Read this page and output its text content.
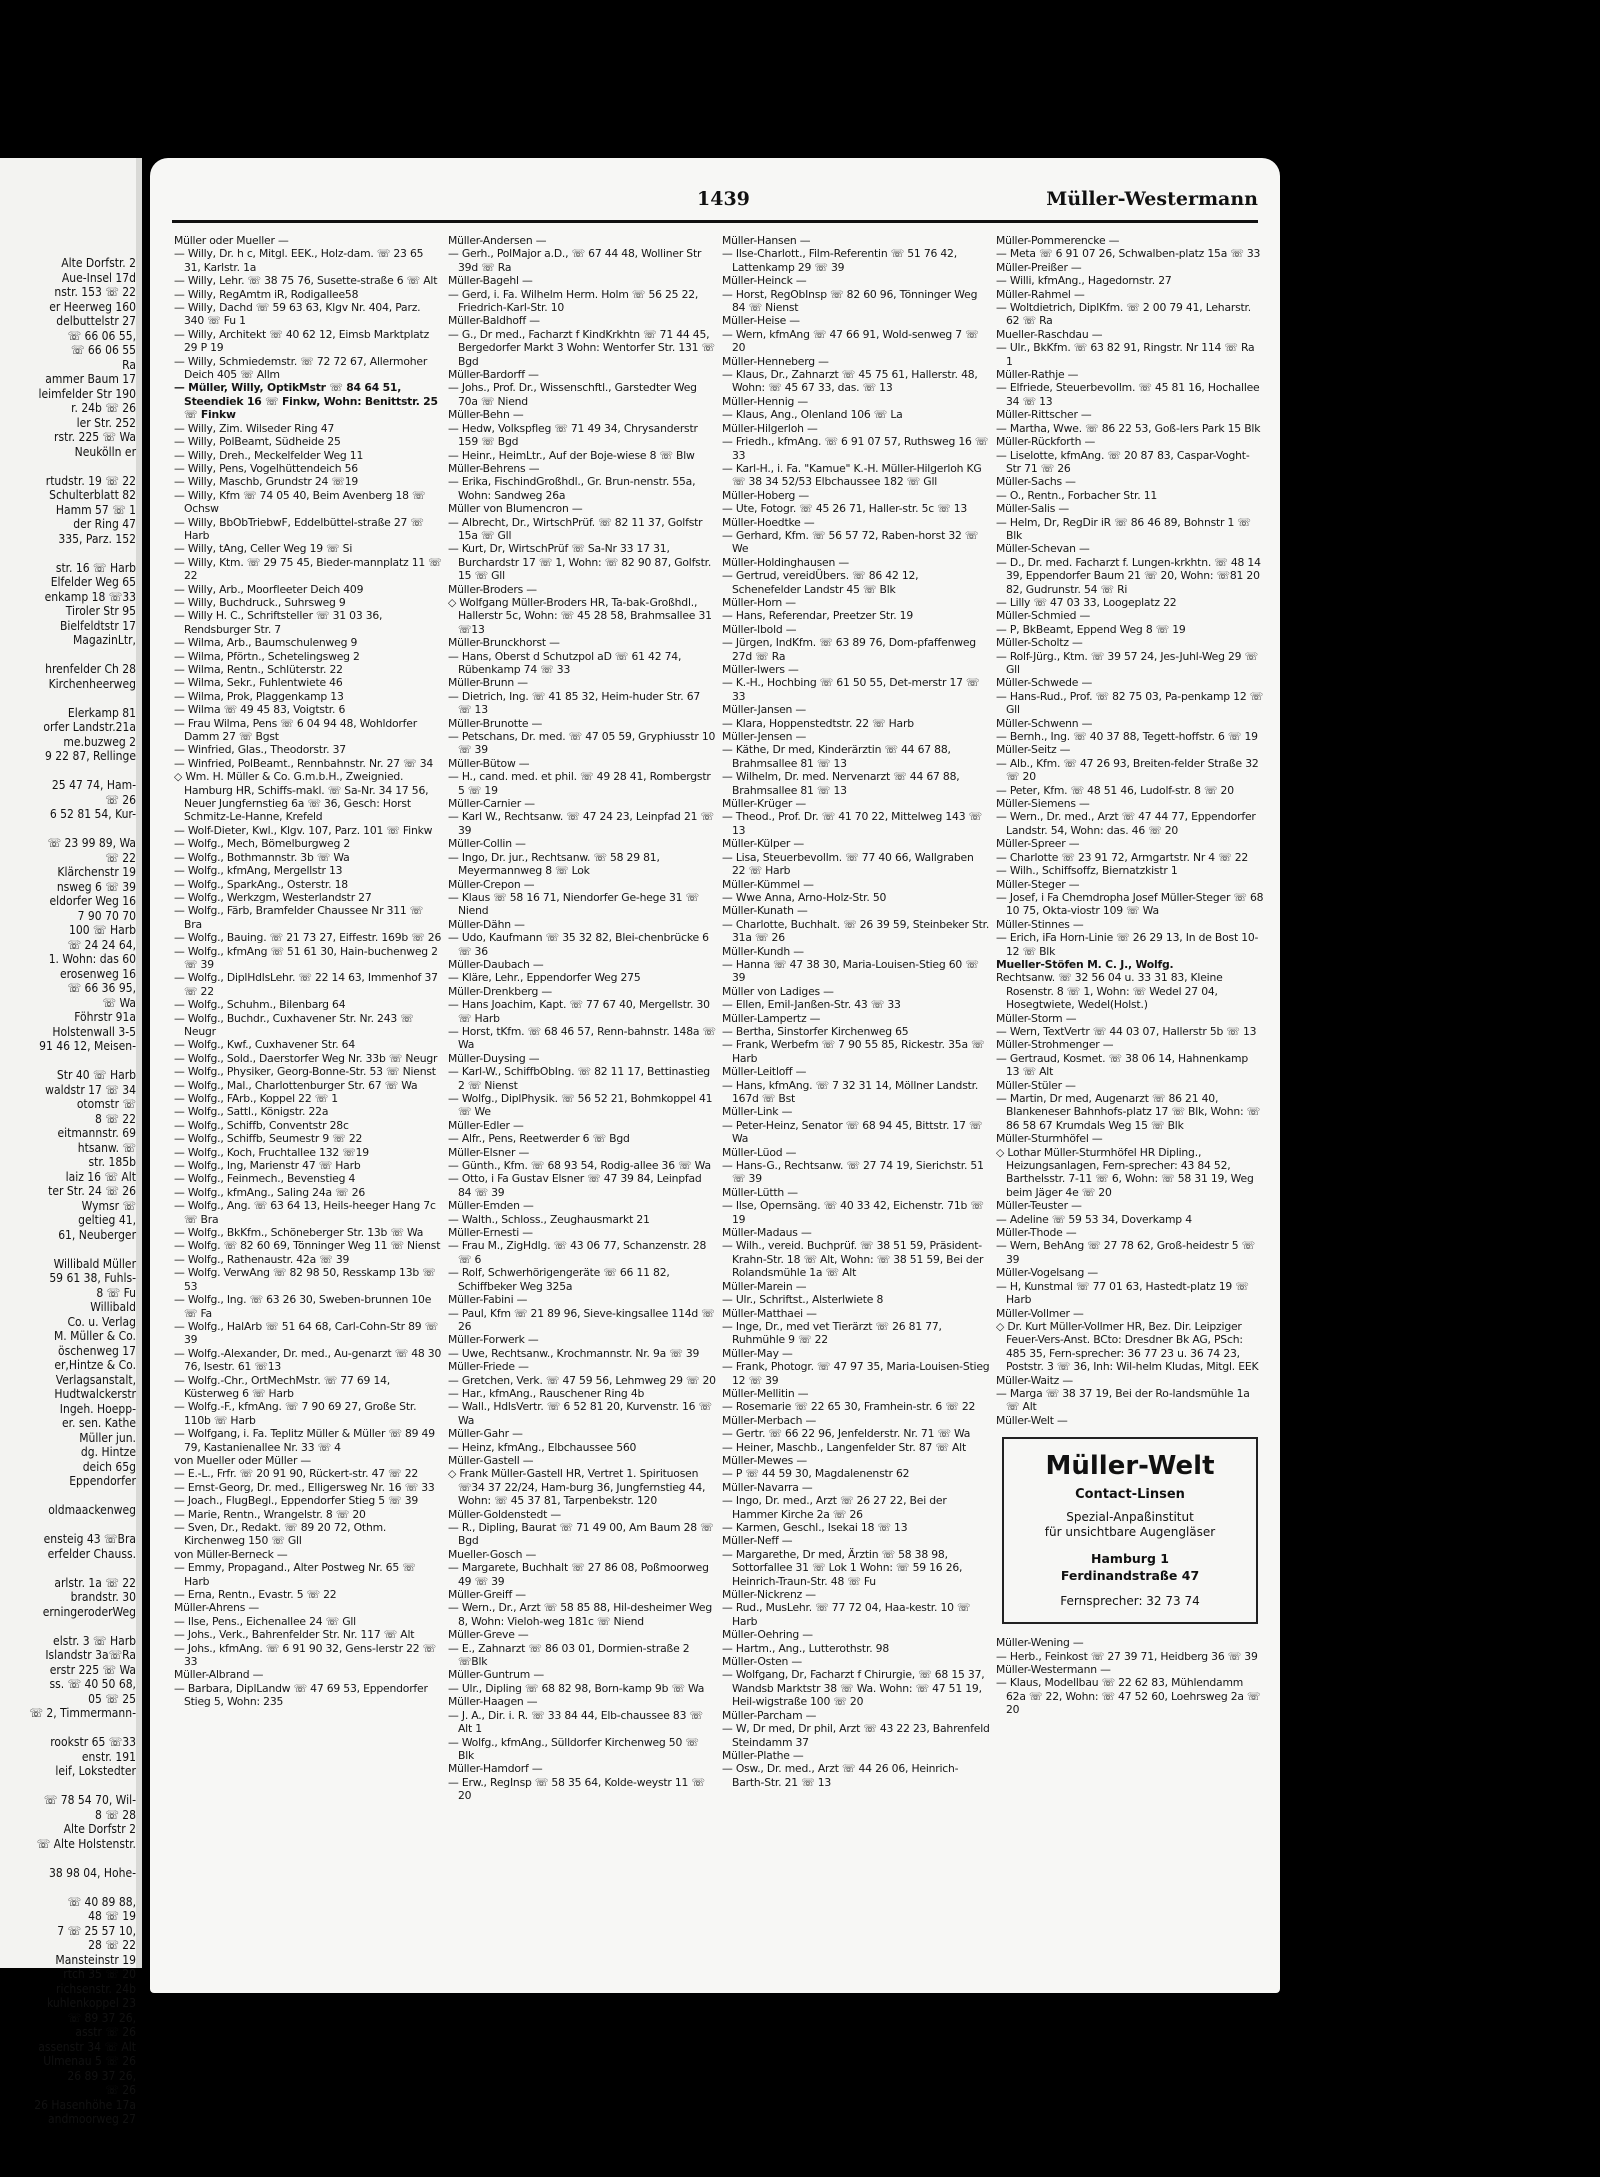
Alte Dorfstr. 2
Aue-Insel 17d
nstr. 153 ☏ 22
er Heerweg 160
delbuttelstr 27
☏ 66 06 55,
☏ 66 06 55
Ra
ammer Baum 17
leimfelder Str 190
r. 24b ☏ 26
ler Str. 252
rstr. 225 ☏ Wa
Neukölln er

rtudstr. 19 ☏ 22
Schulterblatt 82
Hamm 57 ☏ 1
der Ring 47
335, Parz. 152

str. 16 ☏ Harb
Elfelder Weg 65
enkamp 18 ☏33
Tiroler Str 95
Bielfeldtstr 17
MagazinLtr,

hrenfelder Ch 28
Kirchenheerweg

Elerkamp 81
orfer Landstr.21a
me.buzweg 2
9 22 87, Rellinge

25 47 74, Ham-
☏ 26
6 52 81 54, Kur-

☏ 23 99 89, Wa
☏ 22
Klärchenstr 19
nsweg 6 ☏ 39
eldorfer Weg 16
7 90 70 70
100 ☏ Harb
☏ 24 24 64,
1. Wohn: das 60
erosenweg 16
☏ 66 36 95,
☏ Wa
Föhrstr 91a
Holstenwall 3-5
91 46 12, Meisen-

Str 40 ☏ Harb
waldstr 17 ☏ 34
otomstr ☏
8 ☏ 22
eitmannstr. 69
htsanw. ☏
str. 185b
laiz 16 ☏ Alt
ter Str. 24 ☏ 26
Wymsr ☏
geltieg 41,
61, Neuberger

Willibald Müller
59 61 38, Fuhls-
8 ☏ Fu
Willibald
Co. u. Verlag
M. Müller & Co.
öschenweg 17
er,Hintze & Co.
Verlagsanstalt,
Hudtwalckerstr
Ingeh. Hoepp-
er. sen. Kathe
Müller jun.
dg. Hintze
deich 65g
Eppendorfer

oldmaackenweg

ensteig 43 ☏Bra
erfelder Chauss.

arlstr. 1a ☏ 22
brandstr. 30
erningeroderWeg

elstr. 3 ☏ Harb
Islandstr 3a☏Ra
erstr 225 ☏ Wa
ss. ☏ 40 50 68,
05 ☏ 25
☏ 2, Timmermann-

rookstr 65 ☏33
enstr. 191
leif, Lokstedter

☏ 78 54 70, Wil-
8 ☏ 28
Alte Dorfstr 2
☏ Alte Holstenstr.

38 98 04, Hohe-

☏ 40 89 88,
48 ☏ 19
7 ☏ 25 57 10,
28 ☏ 22
Mansteinstr 19
rtch 35 ☏ 20
richsenstr. 24b
kuhlenkoppel 23
☏ 89 37 26,
asstr ☏ 26
assenstr 34 ☏ Alt
Ulmenau 5 ☏ 26
26 89 37 26,
☏ 26
26 Hasenhöhe 17a
andmoorweg 27
1439	Müller-Westermann
Müller oder Mueller —
— Willy, Dr. h c, Mitgl. EEK., Holz-dam. ☏ 23 65 31, Karlstr. 1a
— Willy, Lehr. ☏ 38 75 76, Susette-straße 6 ☏ Alt
— Willy, RegAmtm iR, Rodigallee58
— Willy, Dachd ☏ 59 63 63, Klgv Nr. 404, Parz. 340 ☏ Fu 1
— Willy, Architekt ☏ 40 62 12, Eimsb Marktplatz 29 P 19
— Willy, Schmiedemstr. ☏ 72 72 67, Allermoher Deich 405 ☏ Allm
— Müller, Willy, OptikMstr ☏ 84 64 51, Steendiek 16 ☏ Finkw, Wohn: Benittstr. 25 ☏ Finkw
— Willy, Zim. Wilseder Ring 47
— Willy, PolBeamt, Südheide 25
— Willy, Dreh., Meckelfelder Weg 11
— Willy, Pens, Vogelhüttendeich 56
— Willy, Maschb, Grundstr 24 ☏19
— Willy, Kfm ☏ 74 05 40, Beim Avenberg 18 ☏ Ochsw
— Willy, BbObTriebwF, Eddelbüttel-straße 27 ☏ Harb
— Willy, tAng, Celler Weg 19 ☏ Si
— Willy, Ktm. ☏ 29 75 45, Bieder-mannplatz 11 ☏ 22
— Willy, Arb., Moorfleeter Deich 409
— Willy, Buchdruck., Suhrsweg 9
— Willy H. C., Schriftsteller ☏ 31 03 36, Rendsburger Str. 7
— Wilma, Arb., Baumschulenweg 9
— Wilma, Pförtn., Schetelingsweg 2
— Wilma, Rentn., Schlüterstr. 22
— Wilma, Sekr., Fuhlentwiete 46
— Wilma, Prok, Plaggenkamp 13
— Wilma ☏ 49 45 83, Voigtstr. 6
— Frau Wilma, Pens ☏ 6 04 94 48, Wohldorfer Damm 27 ☏ Bgst
— Winfried, Glas., Theodorstr. 37
— Winfried, PolBeamt., Rennbahnstr. Nr. 27 ☏ 34
◇ Wm. H. Müller & Co. G.m.b.H., Zweignied. Hamburg HR, Schiffs-makl. ☏ Sa-Nr. 34 17 56, Neuer Jungfernstieg 6a ☏ 36, Gesch: Horst Schmitz-Le-Hanne, Krefeld
— Wolf-Dieter, Kwl., Klgv. 107, Parz. 101 ☏ Finkw
— Wolfg., Mech, Bömelburgweg 2
— Wolfg., Bothmannstr. 3b ☏ Wa
— Wolfg., kfmAng, Mergellstr 13
— Wolfg., SparkAng., Osterstr. 18
— Wolfg., Werkzgm, Westerlandstr 27
— Wolfg., Färb, Bramfelder Chaussee Nr 311 ☏ Bra
— Wolfg., Bauing. ☏ 21 73 27, Eiffestr. 169b ☏ 26
— Wolfg., kfmAng ☏ 51 61 30, Hain-buchenweg 2 ☏ 39
— Wolfg., DiplHdlsLehr. ☏ 22 14 63, Immenhof 37 ☏ 22
— Wolfg., Schuhm., Bilenbarg 64
— Wolfg., Buchdr., Cuxhavener Str. Nr. 243 ☏ Neugr
— Wolfg., Kwf., Cuxhavener Str. 64
— Wolfg., Sold., Daerstorfer Weg Nr. 33b ☏ Neugr
— Wolfg., Physiker, Georg-Bonne-Str. 53 ☏ Nienst
— Wolfg., Mal., Charlottenburger Str. 67 ☏ Wa
— Wolfg., FArb., Koppel 22 ☏ 1
— Wolfg., Sattl., Königstr. 22a
— Wolfg., Schiffb, Conventstr 28c
— Wolfg., Schiffb, Seumestr 9 ☏ 22
— Wolfg., Koch, Fruchtallee 132 ☏19
— Wolfg., Ing, Marienstr 47 ☏ Harb
— Wolfg., Feinmech., Bevenstieg 4
— Wolfg., kfmAng., Saling 24a ☏ 26
— Wolfg., Ang. ☏ 63 64 13, Heils-heeger Hang 7c ☏ Bra
— Wolfg., BkKfm., Schöneberger Str. 13b ☏ Wa
— Wolfg. ☏ 82 60 69, Tönninger Weg 11 ☏ Nienst
— Wolfg., Rathenaustr. 42a ☏ 39
— Wolfg. VerwAng ☏ 82 98 50, Resskamp 13b ☏ 53
— Wolfg., Ing. ☏ 63 26 30, Sweben-brunnen 10e ☏ Fa
— Wolfg., HalArb ☏ 51 64 68, Carl-Cohn-Str 89 ☏ 39
— Wolfg.-Alexander, Dr. med., Au-genarzt ☏ 48 30 76, Isestr. 61 ☏13
— Wolfg.-Chr., OrtMechMstr. ☏ 77 69 14, Küsterweg 6 ☏ Harb
— Wolfg.-F., kfmAng. ☏ 7 90 69 27, Große Str. 110b ☏ Harb
— Wolfgang, i. Fa. Teplitz Müller & Müller ☏ 89 49 79, Kastanienallee Nr. 33 ☏ 4
von Mueller oder Müller —
— E.-L., Frfr. ☏ 20 91 90, Rückert-str. 47 ☏ 22
— Ernst-Georg, Dr. med., Elligersweg Nr. 16 ☏ 33
— Joach., FlugBegl., Eppendorfer Stieg 5 ☏ 39
— Marie, Rentn., Wrangelstr. 8 ☏ 20
— Sven, Dr., Redakt. ☏ 89 20 72, Othm. Kirchenweg 150 ☏ Gll
von Müller-Berneck —
— Emmy, Propagand., Alter Postweg Nr. 65 ☏ Harb
— Erna, Rentn., Evastr. 5 ☏ 22
Müller-Ahrens —
— Ilse, Pens., Eichenallee 24 ☏ Gll
— Johs., Verk., Bahrenfelder Str. Nr. 117 ☏ Alt
— Johs., kfmAng. ☏ 6 91 90 32, Gens-lerstr 22 ☏ 33
Müller-Albrand —
— Barbara, DiplLandw ☏ 47 69 53, Eppendorfer Stieg 5, Wohn: 235
Müller-Andersen —
— Gerh., PolMajor a.D., ☏ 67 44 48, Wolliner Str 39d ☏ Ra
Müller-Bagehl —
— Gerd, i. Fa. Wilhelm Herm. Holm ☏ 56 25 22, Friedrich-Karl-Str. 10
Müller-Baldhoff —
— G., Dr med., Facharzt f KindKrkhtn ☏ 71 44 45, Bergedorfer Markt 3 Wohn: Wentorfer Str. 131 ☏ Bgd
Müller-Bardorff —
— Johs., Prof. Dr., Wissenschftl., Garstedter Weg 70a ☏ Niend
Müller-Behn —
— Hedw, Volkspfleg ☏ 71 49 34, Chrysanderstr 159 ☏ Bgd
— Heinr., HeimLtr., Auf der Boje-wiese 8 ☏ Blw
Müller-Behrens —
— Erika, FischindGroßhdl., Gr. Brun-nenstr. 55a, Wohn: Sandweg 26a
Müller von Blumencron —
— Albrecht, Dr., WirtschPrüf. ☏ 82 11 37, Golfstr 15a ☏ Gll
— Kurt, Dr, WirtschPrüf ☏ Sa-Nr 33 17 31, Burchardstr 17 ☏ 1, Wohn: ☏ 82 90 87, Golfstr. 15 ☏ Gll
Müller-Broders —
◇ Wolfgang Müller-Broders HR, Ta-bak-Großhdl., Hallerstr 5c, Wohn: ☏ 45 28 58, Brahmsallee 31 ☏13
Müller-Brunckhorst —
— Hans, Oberst d Schutzpol aD ☏ 61 42 74, Rübenkamp 74 ☏ 33
Müller-Brunn —
— Dietrich, Ing. ☏ 41 85 32, Heim-huder Str. 67 ☏ 13
Müller-Brunotte —
— Petschans, Dr. med. ☏ 47 05 59, Gryphiusstr 10 ☏ 39
Müller-Bütow —
— H., cand. med. et phil. ☏ 49 28 41, Rombergstr 5 ☏ 19
Müller-Carnier —
— Karl W., Rechtsanw. ☏ 47 24 23, Leinpfad 21 ☏ 39
Müller-Collin —
— Ingo, Dr. jur., Rechtsanw. ☏ 58 29 81, Meyermannweg 8 ☏ Lok
Müller-Crepon —
— Klaus ☏ 58 16 71, Niendorfer Ge-hege 31 ☏ Niend
Müller-Dähn —
— Udo, Kaufmann ☏ 35 32 82, Blei-chenbrücke 6 ☏ 36
Müller-Daubach —
— Kläre, Lehr., Eppendorfer Weg 275
Müller-Drenkberg —
— Hans Joachim, Kapt. ☏ 77 67 40, Mergellstr. 30 ☏ Harb
— Horst, tKfm. ☏ 68 46 57, Renn-bahnstr. 148a ☏ Wa
Müller-Duysing —
— Karl-W., SchiffbObIng. ☏ 82 11 17, Bettinastieg 2 ☏ Nienst
— Wolfg., DiplPhysik. ☏ 56 52 21, Bohmkoppel 41 ☏ We
Müller-Edler —
— Alfr., Pens, Reetwerder 6 ☏ Bgd
Müller-Elsner —
— Günth., Kfm. ☏ 68 93 54, Rodig-allee 36 ☏ Wa
— Otto, i Fa Gustav Elsner ☏ 47 39 84, Leinpfad 84 ☏ 39
Müller-Emden —
— Walth., Schloss., Zeughausmarkt 21
Müller-Ernesti —
— Frau M., ZigHdlg. ☏ 43 06 77, Schanzenstr. 28 ☏ 6
— Rolf, Schwerhörigengeräte ☏ 66 11 82, Schiffbeker Weg 325a
Müller-Fabini —
— Paul, Kfm ☏ 21 89 96, Sieve-kingsallee 114d ☏ 26
Müller-Forwerk —
— Uwe, Rechtsanw., Krochmannstr. Nr. 9a ☏ 39
Müller-Friede —
— Gretchen, Verk. ☏ 47 59 56, Lehmweg 29 ☏ 20
— Har., kfmAng., Rauschener Ring 4b
— Wall., HdlsVertr. ☏ 6 52 81 20, Kurvenstr. 16 ☏ Wa
Müller-Gahr —
— Heinz, kfmAng., Elbchaussee 560
Müller-Gastell —
◇ Frank Müller-Gastell HR, Vertret 1. Spirituosen ☏34 37 22/24, Ham-burg 36, Jungfernstieg 44, Wohn: ☏ 45 37 81, Tarpenbekstr. 120
Müller-Goldenstedt —
— R., Dipling, Baurat ☏ 71 49 00, Am Baum 28 ☏ Bgd
Mueller-Gosch —
— Margarete, Buchhalt ☏ 27 86 08, Poßmoorweg 49 ☏ 39
Müller-Greiff —
— Wern., Dr., Arzt ☏ 58 85 88, Hil-desheimer Weg 8, Wohn: Vieloh-weg 181c ☏ Niend
Müller-Greve —
— E., Zahnarzt ☏ 86 03 01, Dormien-straße 2 ☏Blk
Müller-Guntrum —
— Ulr., Dipling ☏ 68 82 98, Born-kamp 9b ☏ Wa
Müller-Haagen —
— J. A., Dir. i. R. ☏ 33 84 44, Elb-chaussee 83 ☏ Alt 1
— Wolfg., kfmAng., Sülldorfer Kirchenweg 50 ☏ Blk
Müller-Hamdorf —
— Erw., RegInsp ☏ 58 35 64, Kolde-weystr 11 ☏ 20
Müller-Hansen —
— Ilse-Charlott., Film-Referentin ☏ 51 76 42, Lattenkamp 29 ☏ 39
Müller-Heinck —
— Horst, RegObInsp ☏ 82 60 96, Tönninger Weg 84 ☏ Nienst
Müller-Heise —
— Wern, kfmAng ☏ 47 66 91, Wold-senweg 7 ☏ 20
Müller-Henneberg —
— Klaus, Dr., Zahnarzt ☏ 45 75 61, Hallerstr. 48, Wohn: ☏ 45 67 33, das. ☏ 13
Müller-Hennig —
— Klaus, Ang., Olenland 106 ☏ La
Müller-Hilgerloh —
— Friedh., kfmAng. ☏ 6 91 07 57, Ruthsweg 16 ☏ 33
— Karl-H., i. Fa. "Kamue" K.-H. Müller-Hilgerloh KG ☏ 38 34 52/53 Elbchaussee 182 ☏ Gll
Müller-Hoberg —
— Ute, Fotogr. ☏ 45 26 71, Haller-str. 5c ☏ 13
Müller-Hoedtke —
— Gerhard, Kfm. ☏ 56 57 72, Raben-horst 32 ☏ We
Müller-Holdinghausen —
— Gertrud, vereidÜbers. ☏ 86 42 12, Schenefelder Landstr 45 ☏ Blk
Müller-Horn —
— Hans, Referendar, Preetzer Str. 19
Müller-Ibold —
— Jürgen, IndKfm. ☏ 63 89 76, Dom-pfaffenweg 27d ☏ Ra
Müller-Iwers —
— K.-H., Hochbing ☏ 61 50 55, Det-merstr 17 ☏ 33
Müller-Jansen —
— Klara, Hoppenstedtstr. 22 ☏ Harb
Müller-Jensen —
— Käthe, Dr med, Kinderärztin ☏ 44 67 88, Brahmsallee 81 ☏ 13
— Wilhelm, Dr. med. Nervenarzt ☏ 44 67 88, Brahmsallee 81 ☏ 13
Müller-Krüger —
— Theod., Prof. Dr. ☏ 41 70 22, Mittelweg 143 ☏ 13
Müller-Külper —
— Lisa, Steuerbevollm. ☏ 77 40 66, Wallgraben 22 ☏ Harb
Müller-Kümmel —
— Wwe Anna, Arno-Holz-Str. 50
Müller-Kunath —
— Charlotte, Buchhalt. ☏ 26 39 59, Steinbeker Str. 31a ☏ 26
Müller-Kundh —
— Hanna ☏ 47 38 30, Maria-Louisen-Stieg 60 ☏ 39
Müller von Ladiges —
— Ellen, Emil-Janßen-Str. 43 ☏ 33
Müller-Lampertz —
— Bertha, Sinstorfer Kirchenweg 65
— Frank, Werbefm ☏ 7 90 55 85, Rickestr. 35a ☏ Harb
Müller-Leitloff —
— Hans, kfmAng. ☏ 7 32 31 14, Möllner Landstr. 167d ☏ Bst
Müller-Link —
— Peter-Heinz, Senator ☏ 68 94 45, Bittstr. 17 ☏ Wa
Müller-Lüod —
— Hans-G., Rechtsanw. ☏ 27 74 19, Sierichstr. 51 ☏ 39
Müller-Lütth —
— Ilse, Opernsäng. ☏ 40 33 42, Eichenstr. 71b ☏ 19
Müller-Madaus —
— Wilh., vereid. Buchprüf. ☏ 38 51 59, Präsident-Krahn-Str. 18 ☏ Alt, Wohn: ☏ 38 51 59, Bei der Rolandsmühle 1a ☏ Alt
Müller-Marein —
— Ulr., Schriftst., Alsterlwiete 8
Müller-Matthaei —
— Inge, Dr., med vet Tierärzt ☏ 26 81 77, Ruhmühle 9 ☏ 22
Müller-May —
— Frank, Photogr. ☏ 47 97 35, Maria-Louisen-Stieg 12 ☏ 39
Müller-Mellitin —
— Rosemarie ☏ 22 65 30, Framhein-str. 6 ☏ 22
Müller-Merbach —
— Gertr. ☏ 66 22 96, Jenfelderstr. Nr. 71 ☏ Wa
— Heiner, Maschb., Langenfelder Str. 87 ☏ Alt
Müller-Mewes —
— P ☏ 44 59 30, Magdalenenstr 62
Müller-Navarra —
— Ingo, Dr. med., Arzt ☏ 26 27 22, Bei der Hammer Kirche 2a ☏ 26
— Karmen, Geschl., Isekai 18 ☏ 13
Müller-Neff —
— Margarethe, Dr med, Ärztin ☏ 58 38 98, Sottorfallee 31 ☏ Lok 1 Wohn: ☏ 59 16 26, Heinrich-Traun-Str. 48 ☏ Fu
Müller-Nickrenz —
— Rud., MusLehr. ☏ 77 72 04, Haa-kestr. 10 ☏ Harb
Müller-Oehring —
— Hartm., Ang., Lutterothstr. 98
Müller-Osten —
— Wolfgang, Dr, Facharzt f Chirurgie, ☏ 68 15 37, Wandsb Marktstr 38 ☏ Wa. Wohn: ☏ 47 51 19, Heil-wigstraße 100 ☏ 20
Müller-Parcham —
— W, Dr med, Dr phil, Arzt ☏ 43 22 23, Bahrenfeld Steindamm 37
Müller-Plathe —
— Osw., Dr. med., Arzt ☏ 44 26 06, Heinrich-Barth-Str. 21 ☏ 13
Müller-Pommerencke —
— Meta ☏ 6 91 07 26, Schwalben-platz 15a ☏ 33
Müller-Preißer —
— Willi, kfmAng., Hagedornstr. 27
Müller-Rahmel —
— Woltdietrich, DiplKfm. ☏ 2 00 79 41, Leharstr. 62 ☏ Ra
Mueller-Raschdau —
— Ulr., BkKfm. ☏ 63 82 91, Ringstr. Nr 114 ☏ Ra 1
Müller-Rathje —
— Elfriede, Steuerbevollm. ☏ 45 81 16, Hochallee 34 ☏ 13
Müller-Rittscher —
— Martha, Wwe. ☏ 86 22 53, Goß-lers Park 15 Blk
Müller-Rückforth —
— Liselotte, kfmAng. ☏ 20 87 83, Caspar-Voght-Str 71 ☏ 26
Müller-Sachs —
— O., Rentn., Forbacher Str. 11
Müller-Salis —
— Helm, Dr, RegDir iR ☏ 86 46 89, Bohnstr 1 ☏ Blk
Müller-Schevan —
— D., Dr. med. Facharzt f. Lungen-krkhtn. ☏ 48 14 39, Eppendorfer Baum 21 ☏ 20, Wohn: ☏81 20 82, Gudrunstr. 54 ☏ Ri
— Lilly ☏ 47 03 33, Loogeplatz 22
Müller-Schmied —
— P, BkBeamt, Eppend Weg 8 ☏ 19
Müller-Scholtz —
— Rolf-Jürg., Ktm. ☏ 39 57 24, Jes-Juhl-Weg 29 ☏ Gll
Müller-Schwede —
— Hans-Rud., Prof. ☏ 82 75 03, Pa-penkamp 12 ☏ Gll
Müller-Schwenn —
— Bernh., Ing. ☏ 40 37 88, Tegett-hoffstr. 6 ☏ 19
Müller-Seitz —
— Alb., Kfm. ☏ 47 26 93, Breiten-felder Straße 32 ☏ 20
— Peter, Kfm. ☏ 48 51 46, Ludolf-str. 8 ☏ 20
Müller-Siemens —
— Wern., Dr. med., Arzt ☏ 47 44 77, Eppendorfer Landstr. 54, Wohn: das. 46 ☏ 20
Müller-Spreer —
— Charlotte ☏ 23 91 72, Armgartstr. Nr 4 ☏ 22
— Wilh., Schiffsoffz, Biernatzkistr 1
Müller-Steger —
— Josef, i Fa Chemdropha Josef Müller-Steger ☏ 68 10 75, Okta-viostr 109 ☏ Wa
Müller-Stinnes —
— Erich, iFa Horn-Linie ☏ 26 29 13, In de Bost 10-12 ☏ Blk
Mueller-Stöfen M. C. J., Wolfg.
Rechtsanw. ☏ 32 56 04 u. 33 31 83, Kleine Rosenstr. 8 ☏ 1, Wohn: ☏ Wedel 27 04, Hosegtwiete, Wedel(Holst.)
Müller-Storm —
— Wern, TextVertr ☏ 44 03 07, Hallerstr 5b ☏ 13
Müller-Strohmenger —
— Gertraud, Kosmet. ☏ 38 06 14, Hahnenkamp 13 ☏ Alt
Müller-Stüler —
— Martin, Dr med, Augenarzt ☏ 86 21 40, Blankeneser Bahnhofs-platz 17 ☏ Blk, Wohn: ☏ 86 58 67 Krumdals Weg 15 ☏ Blk
Müller-Sturmhöfel —
◇ Lothar Müller-Sturmhöfel HR Dipling., Heizungsanlagen, Fern-sprecher: 43 84 52, Barthelsstr. 7-11 ☏ 6, Wohn: ☏ 58 31 19, Weg beim Jäger 4e ☏ 20
Müller-Teuster —
— Adeline ☏ 59 53 34, Doverkamp 4
Müller-Thode —
— Wern, BehAng ☏ 27 78 62, Groß-heidestr 5 ☏ 39
Müller-Vogelsang —
— H, Kunstmal ☏ 77 01 63, Hastedt-platz 19 ☏ Harb
Müller-Vollmer —
◇ Dr. Kurt Müller-Vollmer HR, Bez. Dir. Leipziger Feuer-Vers-Anst. BCto: Dresdner Bk AG, PSch: 485 35, Fern-sprecher: 36 77 23 u. 36 74 23, Poststr. 3 ☏ 36, Inh: Wil-helm Kludas, Mitgl. EEK
Müller-Waitz —
— Marga ☏ 38 37 19, Bei der Ro-landsmühle 1a ☏ Alt
Müller-Welt —
Müller-Welt
Contact-Linsen
Spezial-Anpaßinstitut
für unsichtbare Augengläser
Hamburg 1
Ferdinandstraße 47
Fernsprecher: 32 73 74
Müller-Wening —
— Herb., Feinkost ☏ 27 39 71, Heidberg 36 ☏ 39
Müller-Westermann —
— Klaus, Modellbau ☏ 22 62 83, Mühlendamm 62a ☏ 22, Wohn: ☏ 47 52 60, Loehrsweg 2a ☏ 20
